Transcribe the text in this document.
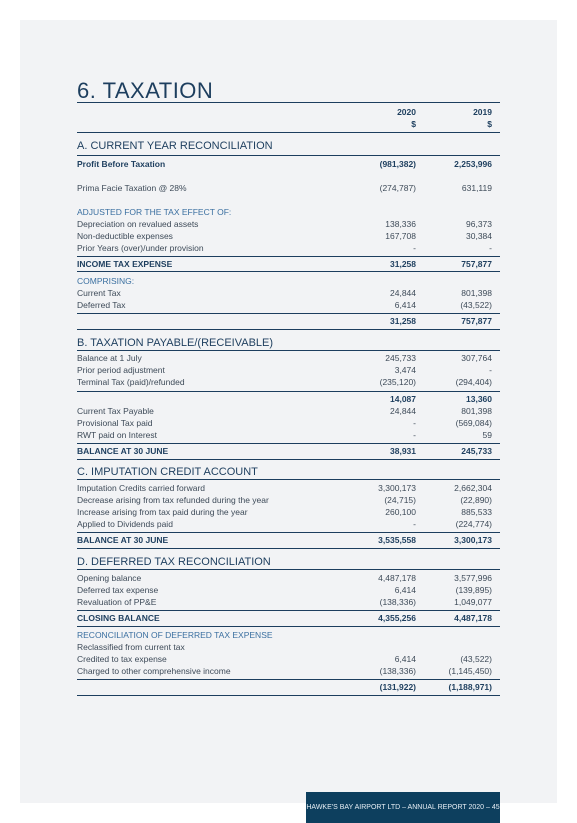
6. TAXATION
2020	2019
$	$
A. CURRENT YEAR RECONCILIATION
Profit Before Taxation	(981,382)	2,253,996
Prima Facie Taxation @ 28%	(274,787)	631,119
ADJUSTED FOR THE TAX EFFECT OF:
Depreciation on revalued assets	138,336	96,373
Non-deductible expenses	167,708	30,384
Prior Years (over)/under provision	-	-
INCOME TAX EXPENSE	31,258	757,877
COMPRISING:
Current Tax	24,844	801,398
Deferred Tax	6,414	(43,522)
31,258	757,877
B. TAXATION PAYABLE/(RECEIVABLE)
Balance at 1 July	245,733	307,764
Prior period adjustment	3,474	-
Terminal Tax (paid)/refunded	(235,120)	(294,404)
14,087	13,360
Current Tax Payable	24,844	801,398
Provisional Tax paid	-	(569,084)
RWT paid on Interest	-	59
BALANCE AT 30 JUNE	38,931	245,733
C. IMPUTATION CREDIT ACCOUNT
Imputation Credits carried forward	3,300,173	2,662,304
Decrease arising from tax refunded during the year	(24,715)	(22,890)
Increase arising from tax paid during the year	260,100	885,533
Applied to Dividends paid	-	(224,774)
BALANCE AT 30 JUNE	3,535,558	3,300,173
D. DEFERRED TAX RECONCILIATION
Opening balance	4,487,178	3,577,996
Deferred tax expense	6,414	(139,895)
Revaluation of PP&E	(138,336)	1,049,077
CLOSING BALANCE	4,355,256	4,487,178
RECONCILIATION OF DEFERRED TAX EXPENSE
Reclassified from current tax
Credited to tax expense	6,414	(43,522)
Charged to other comprehensive income	(138,336)	(1,145,450)
(131,922)	(1,188,971)
HAWKE'S BAY AIRPORT LTD – ANNUAL REPORT 2020 – 45
